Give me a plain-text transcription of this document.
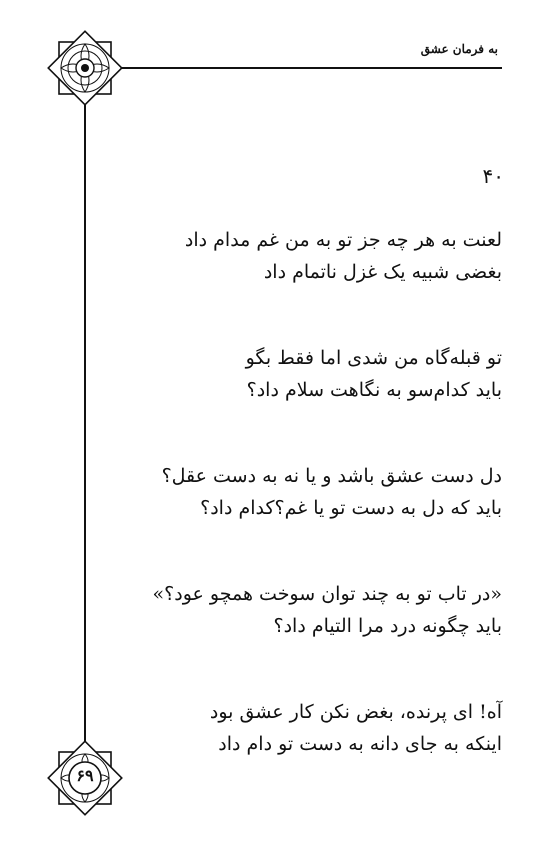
به فرمان عشق
۴۰
لعنت به هر چه جز تو به من غم مدام داد
بغضی شبیه یک غزل ناتمام داد
تو قبله‌گاه من شدی اما فقط بگو
باید کدام‌سو به نگاهت سلام داد؟
دل دست عشق باشد و یا نه به دست عقل؟
باید که دل به دست تو یا غم؟کدام داد؟
«در تاب تو به چند توان سوخت همچو عود؟»
باید چگونه درد مرا التیام داد؟
آه! ای پرنده، بغض نکن کار عشق بود
اینکه به جای دانه به دست تو دام داد
۶۹
